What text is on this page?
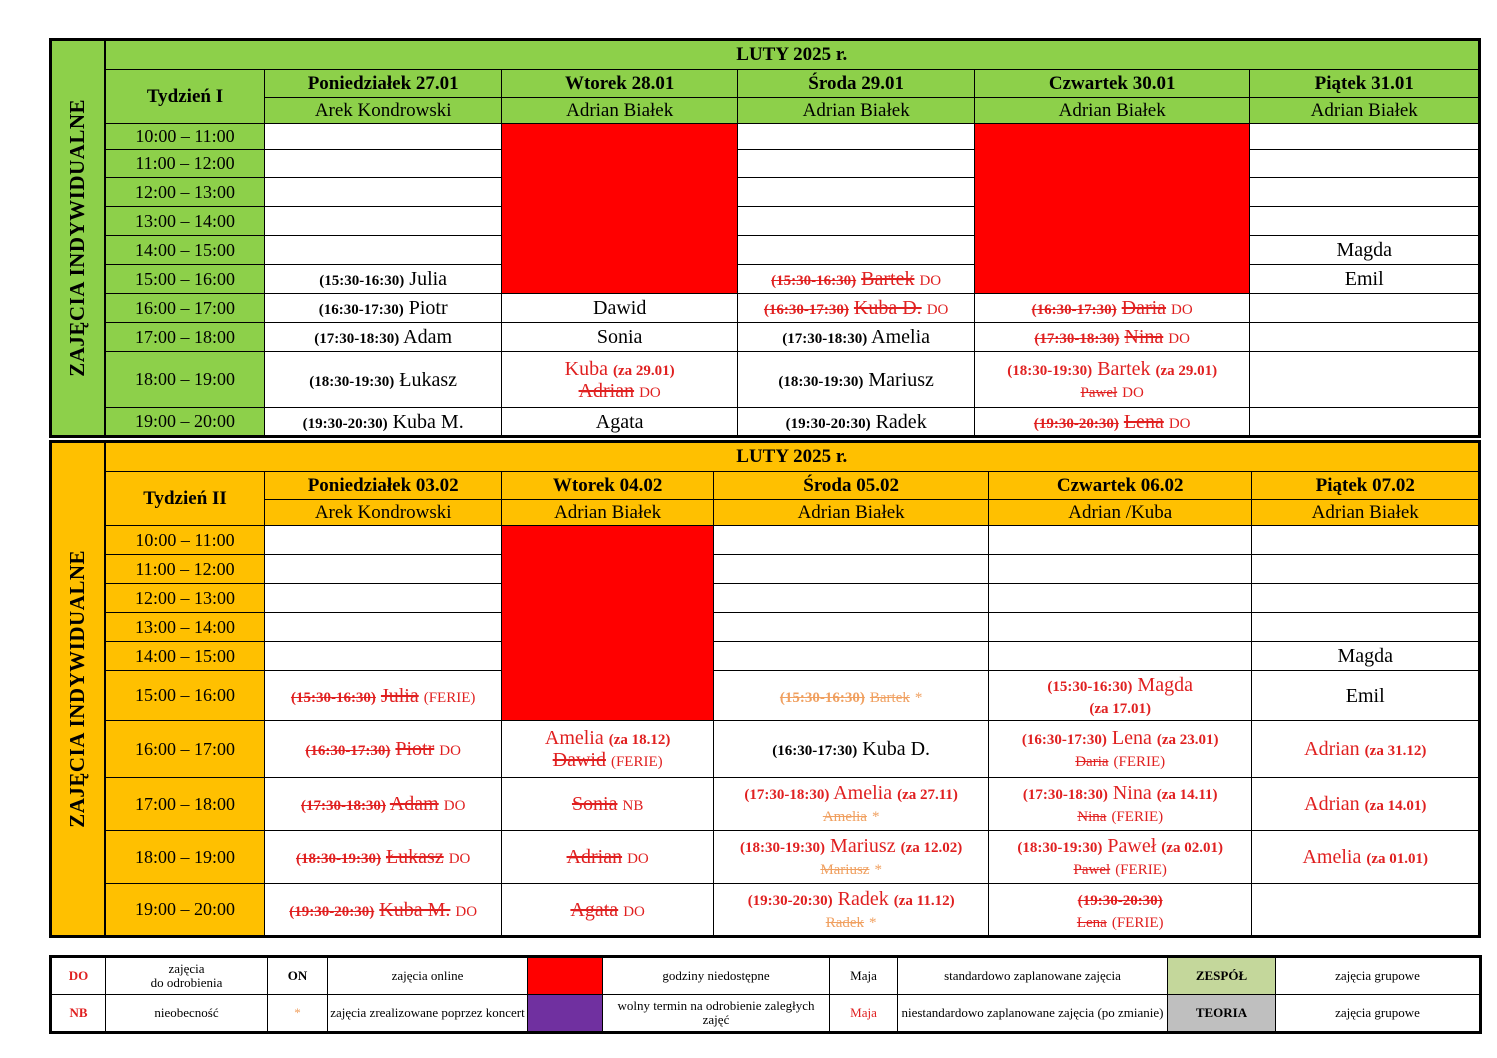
ZAJĘCIA INDYWIDUALNE	LUTY 2025 r.					
	Tydzień I	Poniedziałek 27.01	Wtorek 28.01	Środa 29.01	Czwartek 30.01	Piątek 31.01
		Arek Kondrowski	Adrian Białek	Adrian Białek	Adrian Białek	Adrian Białek
	10:00 – 11:00					
	11:00 – 12:00					
	12:00 – 13:00					
	13:00 – 14:00					
	14:00 – 15:00					Magda
	15:00 – 16:00	(15:30-16:30) Julia		(15:30-16:30) Bartek DO		Emil
	16:00 – 17:00	(16:30-17:30) Piotr	Dawid	(16:30-17:30) Kuba D. DO	(16:30-17:30) Daria DO	
	17:00 – 18:00	(17:30-18:30) Adam	Sonia	(17:30-18:30) Amelia	(17:30-18:30) Nina DO	
	18:00 – 19:00	(18:30-19:30) Łukasz	Kuba (za 29.01)
Adrian DO	(18:30-19:30) Mariusz	(18:30-19:30) Bartek (za 29.01)
Paweł DO	
	19:00 – 20:00	(19:30-20:30) Kuba M.	Agata	(19:30-20:30) Radek	(19:30-20:30) Lena DO	
ZAJĘCIA INDYWIDUALNE	LUTY 2025 r.					
	Tydzień II	Poniedziałek 03.02	Wtorek 04.02	Środa 05.02	Czwartek 06.02	Piątek 07.02
		Arek Kondrowski	Adrian Białek	Adrian Białek	Adrian /Kuba	Adrian Białek
	10:00 – 11:00					
	11:00 – 12:00					
	12:00 – 13:00					
	13:00 – 14:00					
	14:00 – 15:00					Magda
	15:00 – 16:00	(15:30-16:30) Julia (FERIE)		(15:30-16:30) Bartek *	(15:30-16:30) Magda
(za 17.01)	Emil
	16:00 – 17:00	(16:30-17:30) Piotr DO	Amelia (za 18.12)
Dawid (FERIE)	(16:30-17:30) Kuba D.	(16:30-17:30) Lena (za 23.01)
Daria (FERIE)	Adrian (za 31.12)
	17:00 – 18:00	(17:30-18:30) Adam DO	Sonia NB	(17:30-18:30) Amelia (za 27.11)
Amelia *	(17:30-18:30) Nina (za 14.11)
Nina (FERIE)	Adrian (za 14.01)
	18:00 – 19:00	(18:30-19:30) Łukasz DO	Adrian DO	(18:30-19:30) Mariusz (za 12.02)
Mariusz *	(18:30-19:30) Paweł (za 02.01)
Paweł (FERIE)	Amelia (za 01.01)
	19:00 – 20:00	(19:30-20:30) Kuba M. DO	Agata DO	(19:30-20:30) Radek (za 11.12)
Radek *	(19:30-20:30)
Lena (FERIE)	
DO	zajęcia
do odrobienia	ON	zajęcia online		godziny niedostępne	Maja	standardowo zaplanowane zajęcia	ZESPÓŁ	zajęcia grupowe
NB	nieobecność	*	zajęcia zrealizowane poprzez koncert		wolny termin na odrobienie zaległych zajęć	Maja	niestandardowo zaplanowane zajęcia (po zmianie)	TEORIA	zajęcia grupowe
